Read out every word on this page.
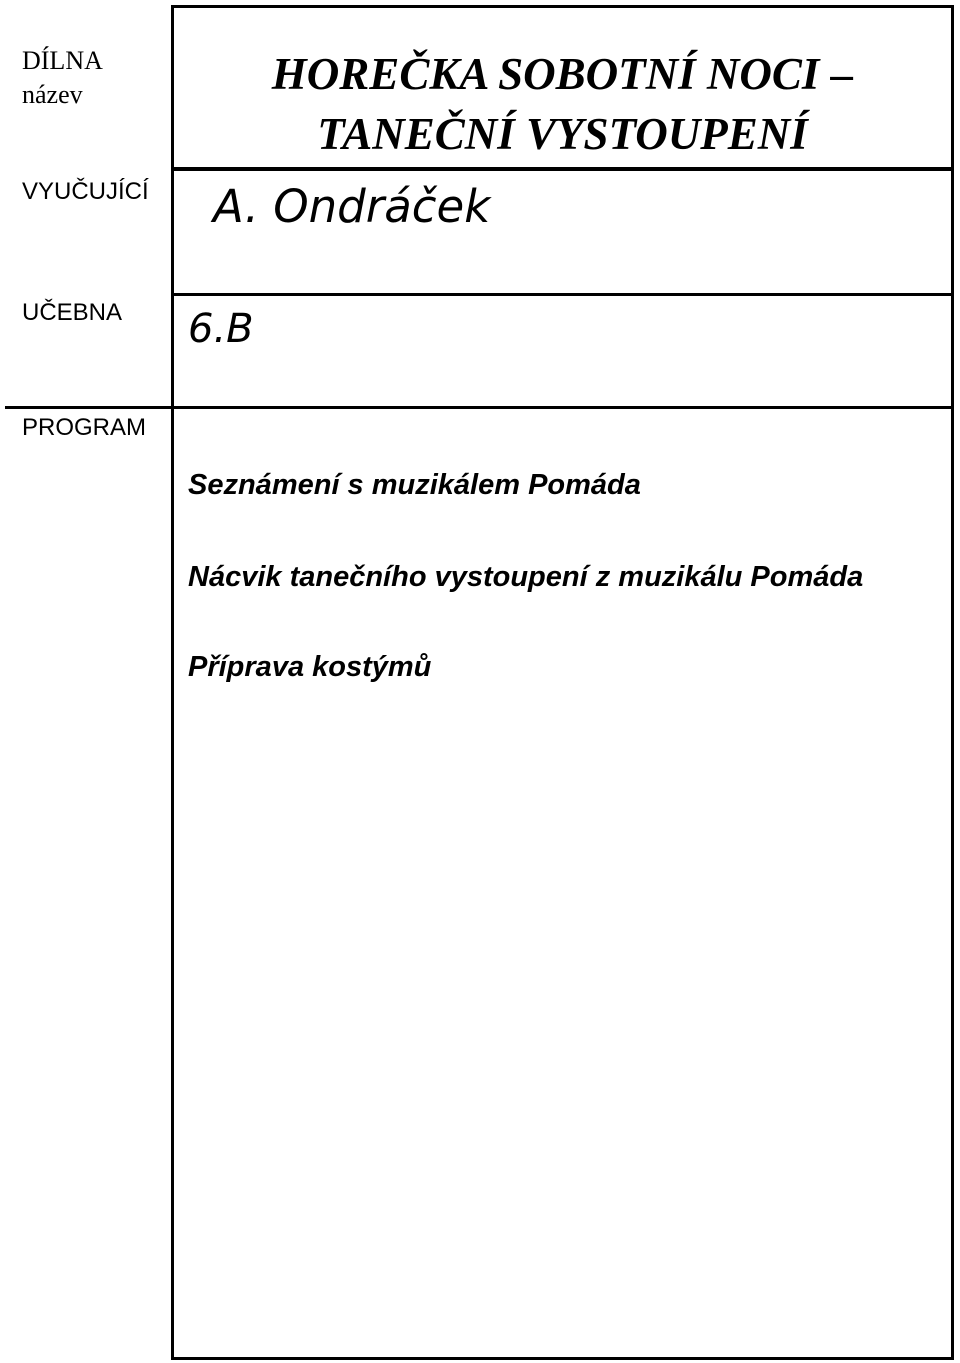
DÍLNA
název
VYUČUJÍCÍ
UČEBNA
PROGRAM
HOREČKA SOBOTNÍ NOCI –
TANEČNÍ VYSTOUPENÍ
A. Ondráček
6.B
Seznámení s muzikálem Pomáda
Nácvik tanečního vystoupení z muzikálu Pomáda
Příprava kostýmů
